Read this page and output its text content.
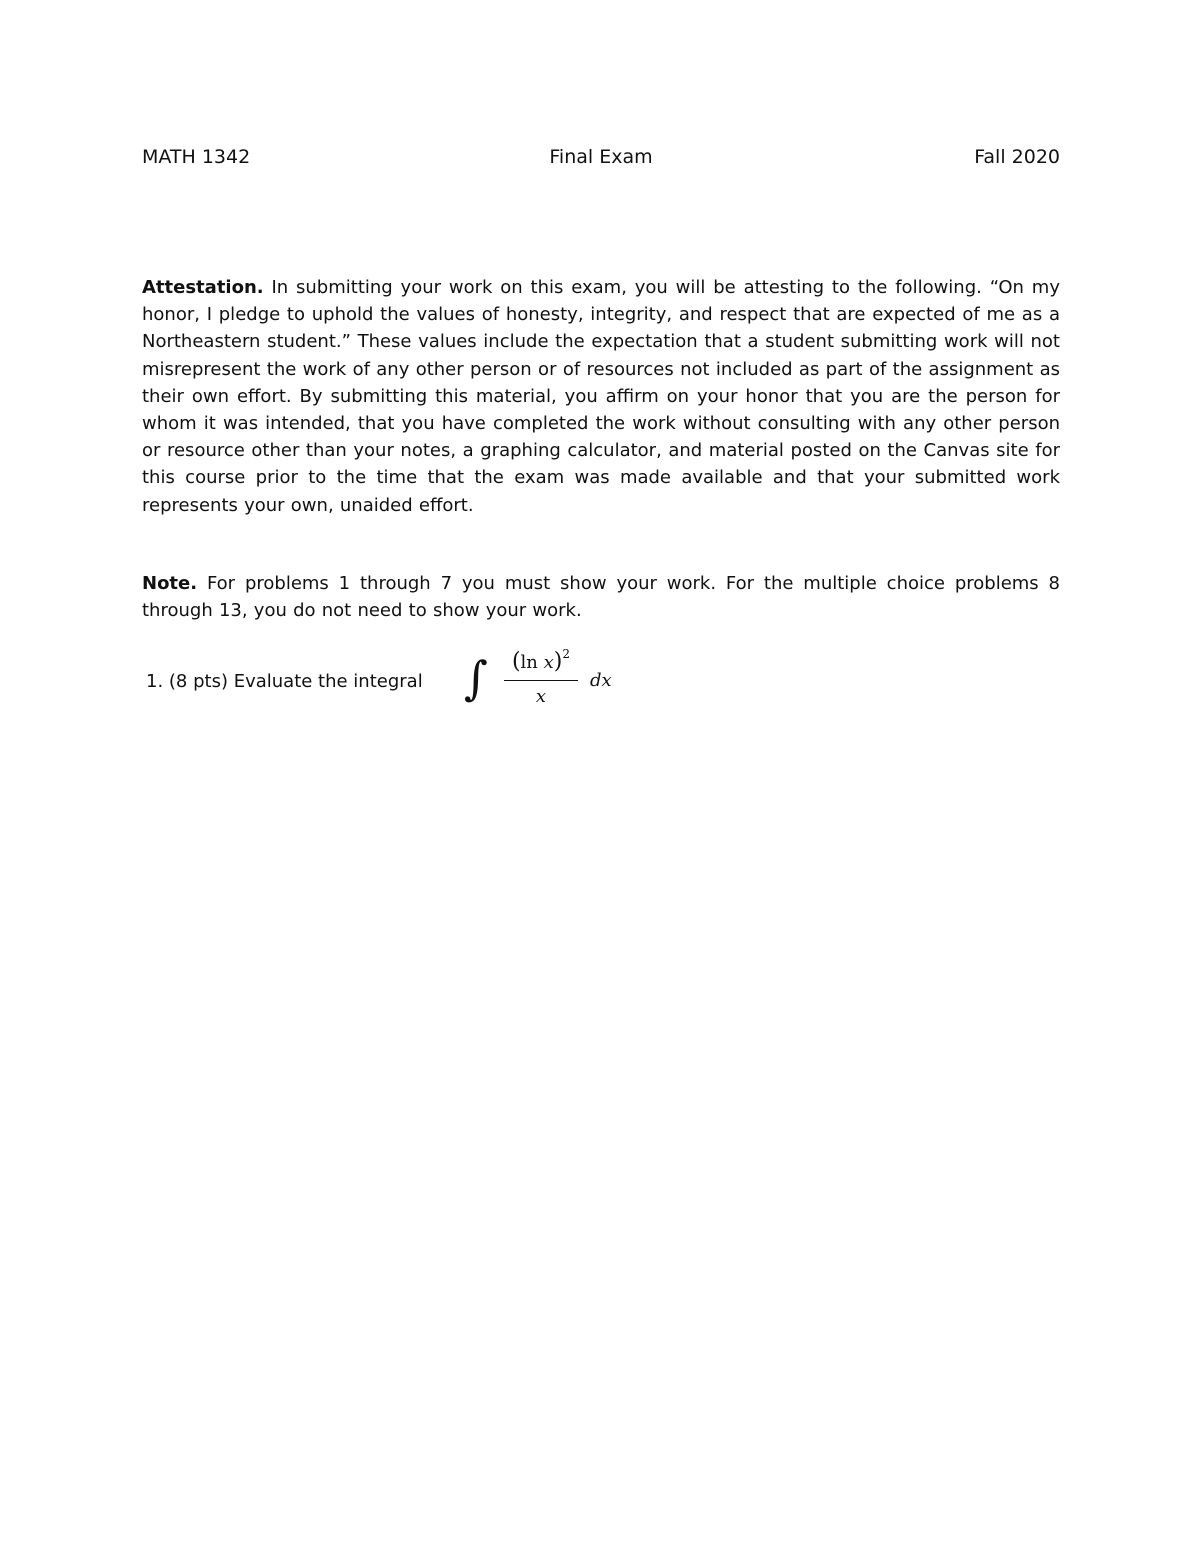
MATH 1342	Final Exam	Fall 2020
Attestation. In submitting your work on this exam, you will be attesting to the following. “On my honor, I pledge to uphold the values of honesty, integrity, and respect that are expected of me as a Northeastern student.” These values include the expectation that a student submitting work will not misrepresent the work of any other person or of resources not included as part of the assignment as their own effort. By submitting this material, you affirm on your honor that you are the person for whom it was intended, that you have completed the work without consulting with any other person or resource other than your notes, a graphing calculator, and material posted on the Canvas site for this course prior to the time that the exam was made available and that your submitted work represents your own, unaided effort.
Note. For problems 1 through 7 you must show your work. For the multiple choice problems 8 through 13, you do not need to show your work.
1. (8 pts) Evaluate the integral ∫	(ln x)$^2$
x
dx
